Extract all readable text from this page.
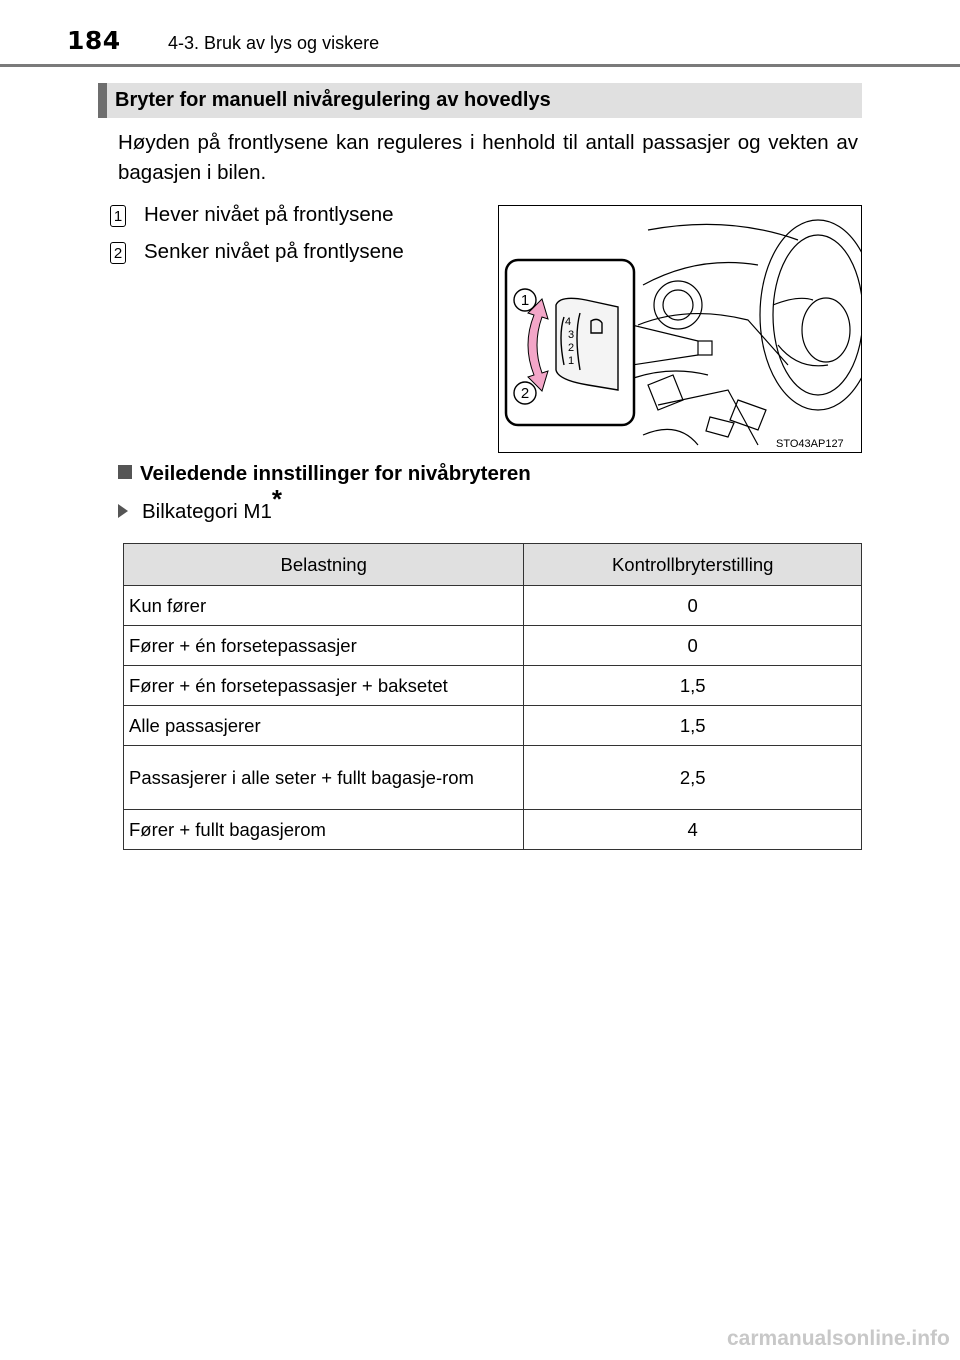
184	4-3. Bruk av lys og viskere
Bryter for manuell nivåregulering av hovedlys
Høyden på frontlysene kan reguleres i henhold til antall passasjer og vekten av bagasjen i bilen.
1 Hever nivået på frontlysene
2 Senker nivået på frontlysene
4
3
2
1
1
2
STO43AP127
Veiledende innstillinger for nivåbryteren
Bilkategori M1*
Belastning	Kontrollbryterstilling
Kun fører	0
Fører + én forsetepassasjer	0
Fører + én forsetepassasjer + baksetet	1,5
Alle passasjerer	1,5
Passasjerer i alle seter + fullt bagasje-rom	2,5
Fører + fullt bagasjerom	4
carmanualsonline.info
